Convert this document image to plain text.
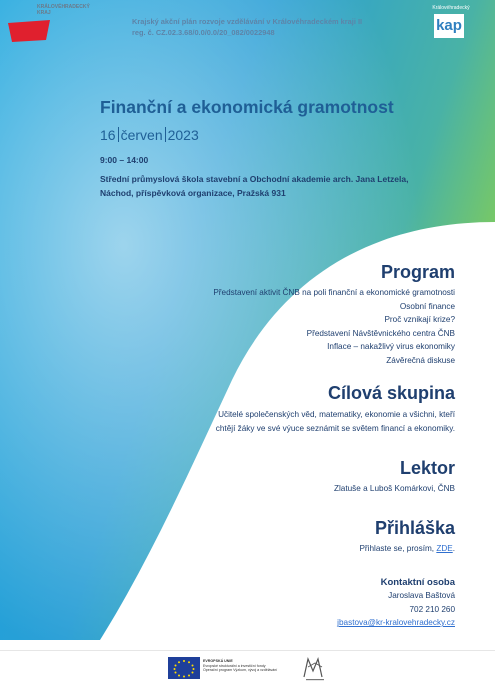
KRÁLOVÉHRADECKÝ
KRAJ
Krajský akční plán rozvoje vzdělávání v Královéhradeckém kraji II
reg. č. CZ.02.3.68/0.0/0.0/20_082/0022948
Královéhradecký
kap
Finanční a ekonomická gramotnost
16 červen 2023
9:00 – 14:00
Střední průmyslová škola stavební a Obchodní akademie arch. Jana Letzela,
Náchod, příspěvková organizace, Pražská 931
Program
Představení aktivit ČNB na poli finanční a ekonomické gramotnosti
Osobní finance
Proč vznikají krize?
Představení Návštěvnického centra ČNB
Inflace – nakažlivý virus ekonomiky
Závěrečná diskuse
Cílová skupina
Učitelé společenských věd, matematiky, ekonomie a všichni, kteří
chtějí žáky ve své výuce seznámit se světem financí a ekonomiky.
Lektor
Zlatuše a Luboš Komárkovi, ČNB
Přihláška
Přihlaste se, prosím, ZDE.
Kontaktní osoba
Jaroslava Baštová
702 210 260
jbastova@kr-kralovehradecky.cz
EVROPSKÁ UNIE
Evropské strukturální a investiční fondy
Operační program Výzkum, vývoj a vzdělávání
